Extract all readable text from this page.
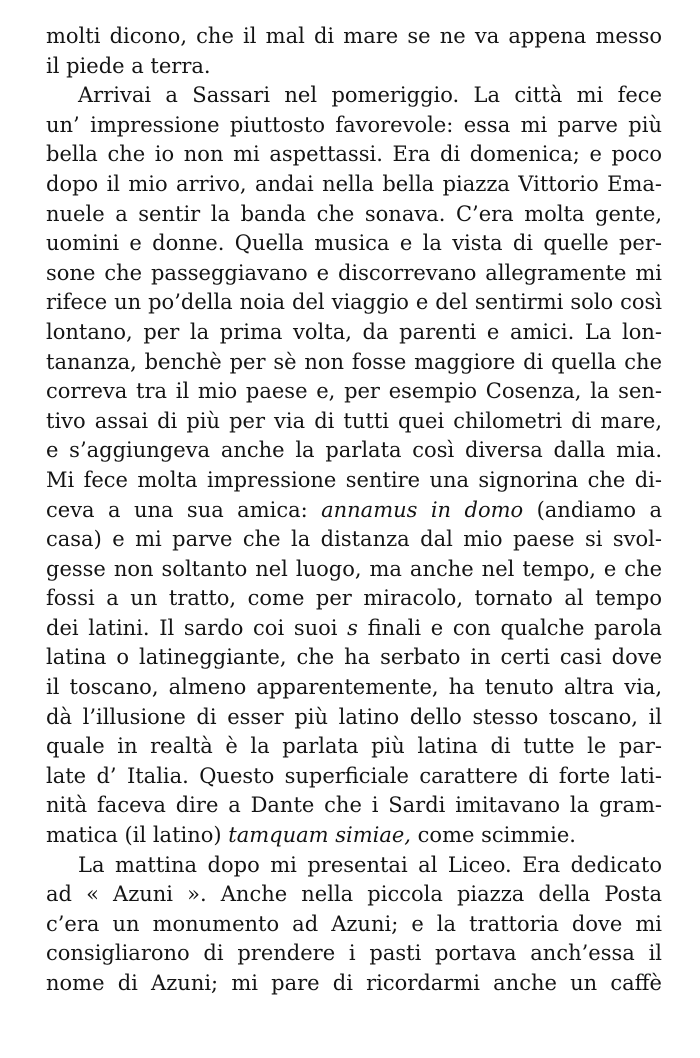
molti dicono, che il mal di mare se ne va appena messo
il piede a terra.
Arrivai a Sassari nel pomeriggio. La città mi fece
un’ impressione piuttosto favorevole: essa mi parve più
bella che io non mi aspettassi. Era di domenica; e poco
dopo il mio arrivo, andai nella bella piazza Vittorio Ema-
nuele a sentir la banda che sonava. C’era molta gente,
uomini e donne. Quella musica e la vista di quelle per-
sone che passeggiavano e discorrevano allegramente mi
rifece un po’della noia del viaggio e del sentirmi solo così
lontano, per la prima volta, da parenti e amici. La lon-
tananza, benchè per sè non fosse maggiore di quella che
correva tra il mio paese e, per esempio Cosenza, la sen-
tivo assai di più per via di tutti quei chilometri di mare,
e s’aggiungeva anche la parlata così diversa dalla mia.
Mi fece molta impressione sentire una signorina che di-
ceva a una sua amica: annamus in domo (andiamo a
casa) e mi parve che la distanza dal mio paese si svol-
gesse non soltanto nel luogo, ma anche nel tempo, e che
fossi a un tratto, come per miracolo, tornato al tempo
dei latini. Il sardo coi suoi s finali e con qualche parola
latina o latineggiante, che ha serbato in certi casi dove
il toscano, almeno apparentemente, ha tenuto altra via,
dà l’illusione di esser più latino dello stesso toscano, il
quale in realtà è la parlata più latina di tutte le par-
late d’ Italia. Questo superficiale carattere di forte lati-
nità faceva dire a Dante che i Sardi imitavano la gram-
matica (il latino) tamquam simiae, come scimmie.
La mattina dopo mi presentai al Liceo. Era dedicato
ad « Azuni ». Anche nella piccola piazza della Posta
c’era un monumento ad Azuni; e la trattoria dove mi
consigliarono di prendere i pasti portava anch’essa il
nome di Azuni; mi pare di ricordarmi anche un caffè
